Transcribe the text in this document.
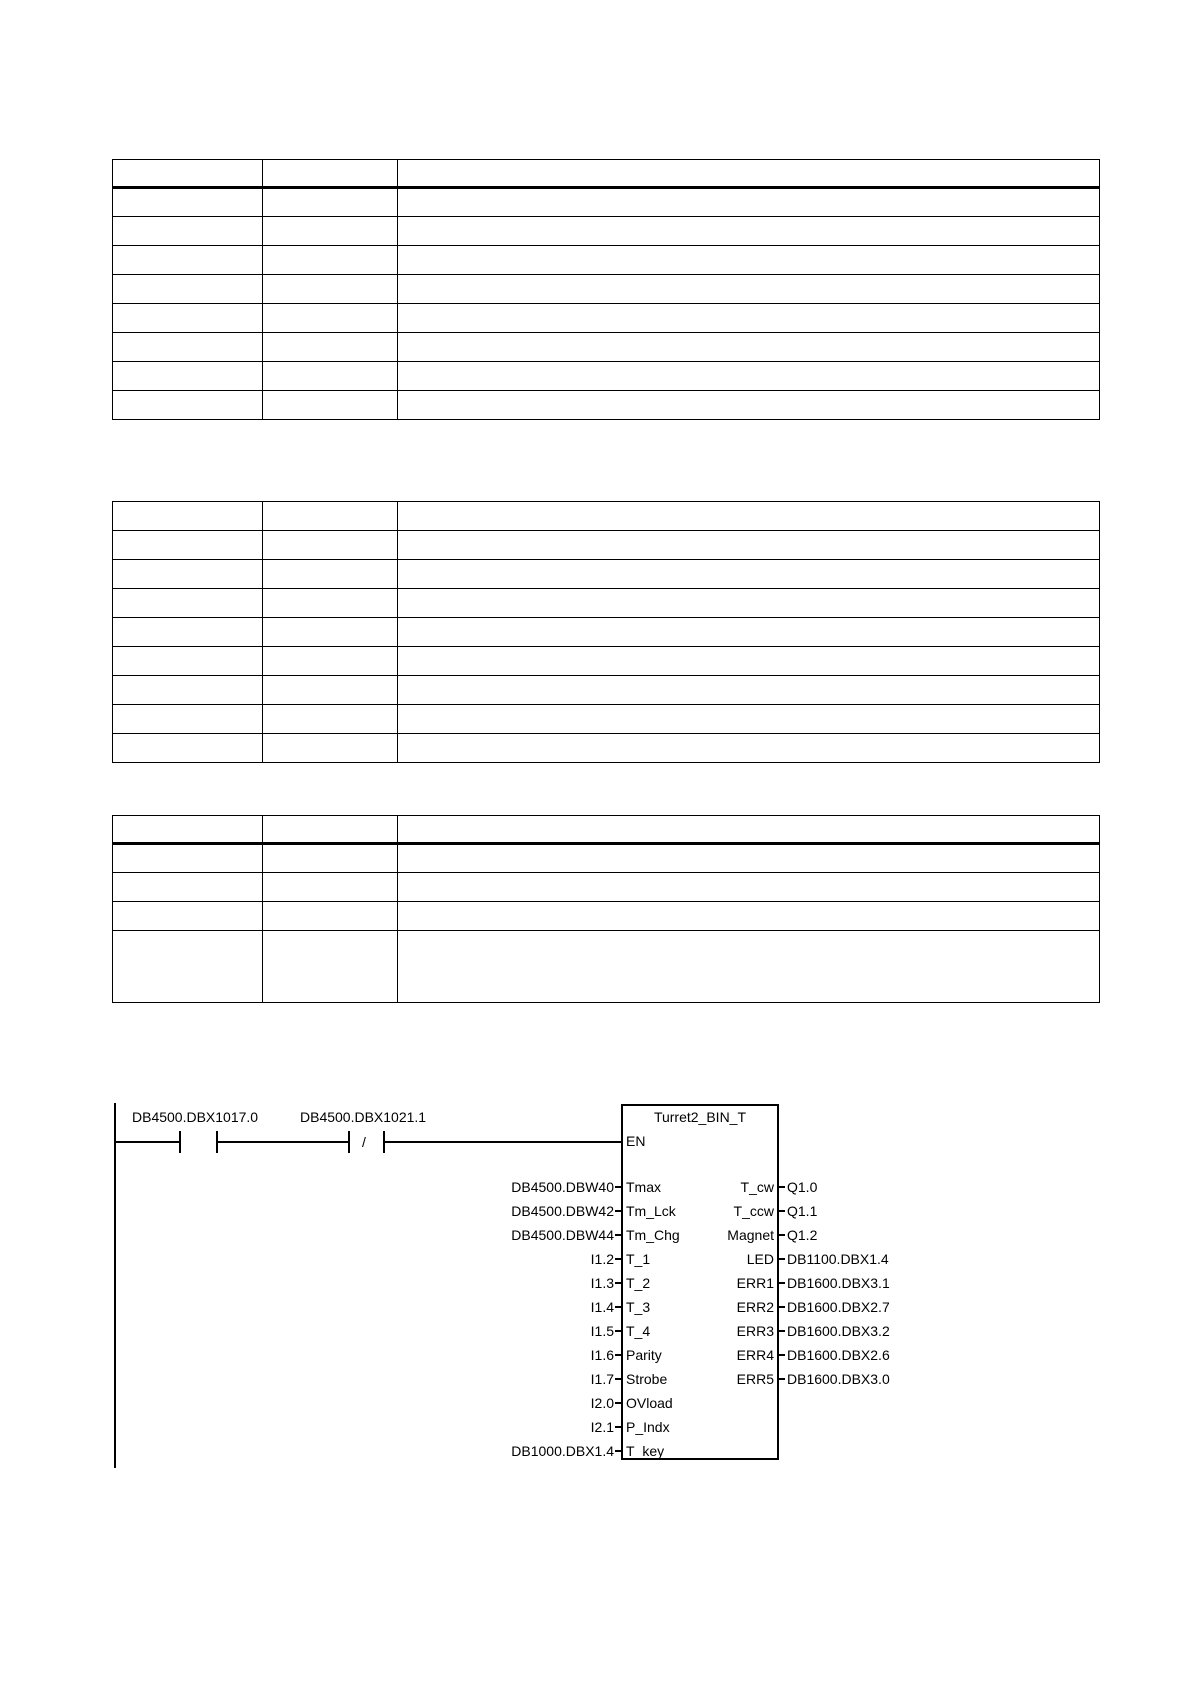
DB4500.DBX1017.0	DB4500.DBX1021.1
/
Turret2_BIN_T
EN
DB4500.DBW40 Tmax
DB4500.DBW42 Tm_Lck
DB4500.DBW44 Tm_Chg
I1.2 T_1
I1.3 T_2
I1.4 T_3
I1.5 T_4
I1.6 Parity
I1.7 Strobe
I2.0 OVload
I2.1 P_Indx
DB1000.DBX1.4 T_key
T_cw Q1.0
T_ccw Q1.1
Magnet Q1.2
LED DB1100.DBX1.4
ERR1 DB1600.DBX3.1
ERR2 DB1600.DBX2.7
ERR3 DB1600.DBX3.2
ERR4 DB1600.DBX2.6
ERR5 DB1600.DBX3.0
